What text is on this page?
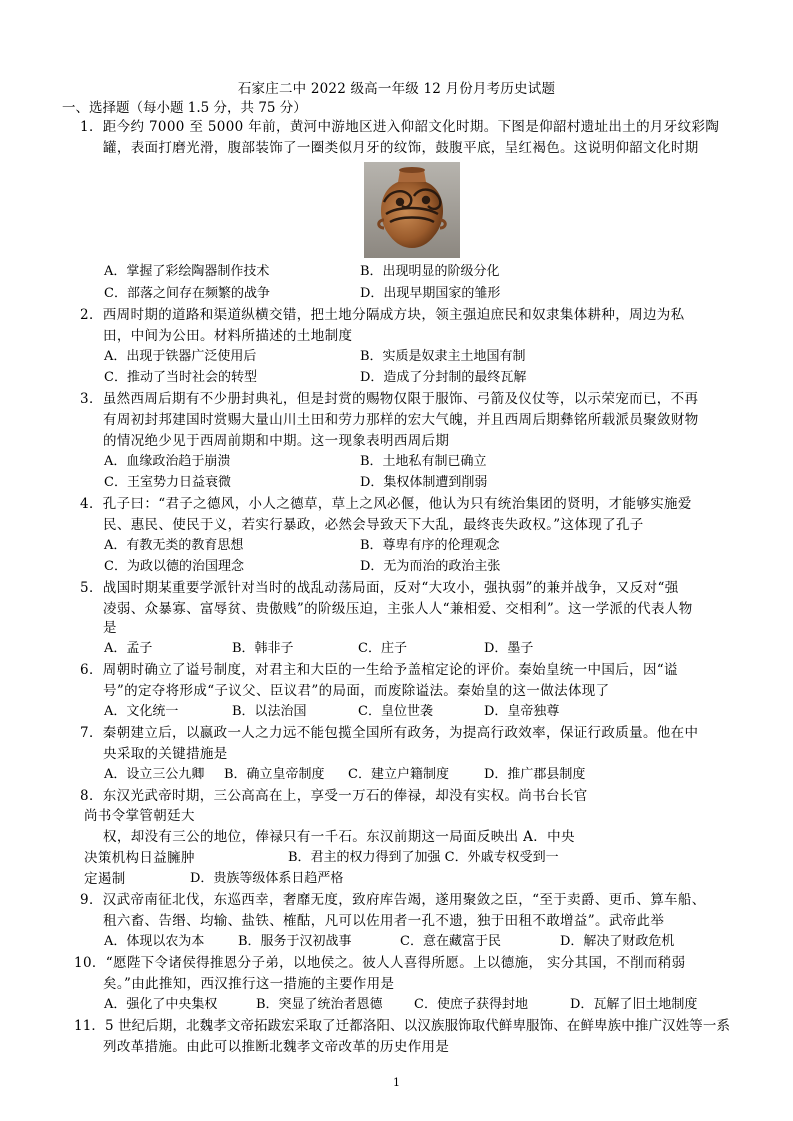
石家庄二中 2022 级高一年级 12 月份月考历史试题
一、选择题（每小题 1.5 分，共 75 分）
1．距今约 7000 至 5000 年前，黄河中游地区进入仰韶文化时期。下图是仰韶村遗址出土的月牙纹彩陶
罐，表面打磨光滑，腹部装饰了一圈类似月牙的纹饰，鼓腹平底，呈红褐色。这说明仰韶文化时期
A．掌握了彩绘陶器制作技术	B．出现明显的阶级分化
C．部落之间存在频繁的战争	D．出现早期国家的雏形
2．西周时期的道路和渠道纵横交错，把土地分隔成方块，领主强迫庶民和奴隶集体耕种，周边为私
田，中间为公田。材料所描述的土地制度
A．出现于铁器广泛使用后	B．实质是奴隶主土地国有制
C．推动了当时社会的转型	D．造成了分封制的最终瓦解
3．虽然西周后期有不少册封典礼，但是封赏的赐物仅限于服饰、弓箭及仪仗等，以示荣宠而已，不再
有周初封邦建国时赏赐大量山川土田和劳力那样的宏大气魄，并且西周后期彝铭所载派员聚敛财物
的情况绝少见于西周前期和中期。这一现象表明西周后期
A．血缘政治趋于崩溃	B．土地私有制已确立
C．王室势力日益衰微	D．集权体制遭到削弱
4．孔子曰：“君子之德风，小人之德草，草上之风必偃，他认为只有统治集团的贤明，才能够实施爱
民、惠民、使民于义，若实行暴政，必然会导致天下大乱，最终丧失政权。”这体现了孔子
A．有教无类的教育思想	B．尊卑有序的伦理观念
C．为政以德的治国理念	D．无为而治的政治主张
5．战国时期某重要学派针对当时的战乱动荡局面，反对“大攻小，强执弱”的兼并战争，又反对“强
凌弱、众暴寡、富辱贫、贵傲贱”的阶级压迫，主张人人“兼相爱、交相利”。这一学派的代表人物
是
A．孟子	B．韩非子	C．庄子	D．墨子
6．周朝时确立了谥号制度，对君主和大臣的一生给予盖棺定论的评价。秦始皇统一中国后，因“谥
号”的定夺将形成“子议父、臣议君”的局面，而废除谥法。秦始皇的这一做法体现了
A．文化统一	B．以法治国	C．皇位世袭	D．皇帝独尊
7．秦朝建立后，以嬴政一人之力远不能包揽全国所有政务，为提高行政效率，保证行政质量。他在中
央采取的关键措施是
A．设立三公九卿 B．确立皇帝制度 C．建立户籍制度	D．推广郡县制度
8．东汉光武帝时期，三公高高在上，享受一万石的俸禄，却没有实权。尚书台长官
尚书令掌管朝廷大
权，却没有三公的地位，俸禄只有一千石。东汉前期这一局面反映出 A．中央
决策机构日益臃肿	B．君主的权力得到了加强 C．外戚专权受到一
定遏制	D．贵族等级体系日趋严格
9．汉武帝南征北伐，东巡西幸，奢靡无度，致府库告竭，遂用聚敛之臣，“至于卖爵、更币、算车船、
租六畜、告缗、均输、盐铁、榷酤，凡可以佐用者一孔不遗，独于田租不敢增益”。武帝此举
A．体现以农为本	B．服务于汉初战事	C．意在藏富于民	D．解决了财政危机
10．“愿陛下令诸侯得推恩分子弟，以地侯之。彼人人喜得所愿。上以德施， 实分其国，不削而稍弱
矣。”由此推知，西汉推行这一措施的主要作用是
A．强化了中央集权	B．突显了统治者恩德 C．使庶子获得封地	D．瓦解了旧土地制度
11．5 世纪后期，北魏孝文帝拓跋宏采取了迁都洛阳、以汉族服饰取代鲜卑服饰、在鲜卑族中推广汉姓等一系
列改革措施。由此可以推断北魏孝文帝改革的历史作用是
1
